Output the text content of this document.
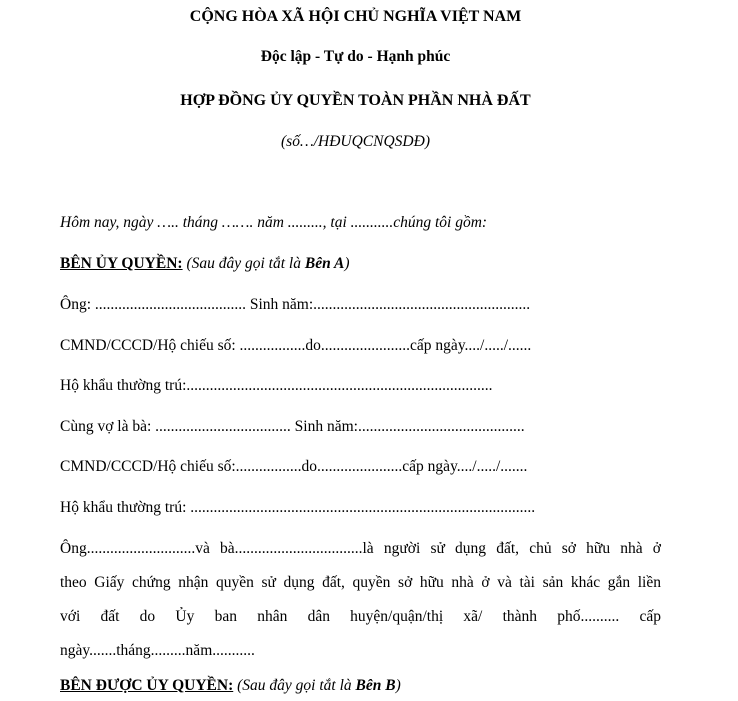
CỘNG HÒA XÃ HỘI CHỦ NGHĨA VIỆT NAM
Độc lập - Tự do - Hạnh phúc
HỢP ĐỒNG ỦY QUYỀN TOÀN PHẦN NHÀ ĐẤT
(số…/HĐUQCNQSDĐ)
Hôm nay, ngày ….. tháng ……. năm ........., tại ...........chúng tôi gồm:
BÊN ỦY QUYỀN: (Sau đây gọi tắt là Bên A)
Ông: ....................................... Sinh năm:........................................................
CMND/CCCD/Hộ chiếu số: .................do.......................cấp ngày..../...../......
Hộ khẩu thường trú:...............................................................................
Cùng vợ là bà: ................................... Sinh năm:...........................................
CMND/CCCD/Hộ chiếu số:.................do......................cấp ngày..../...../.......
Hộ khẩu thường trú: .........................................................................................
Ông............................và bà.................................là người sử dụng đất, chủ sở hữu nhà ở
theo Giấy chứng nhận quyền sử dụng đất, quyền sở hữu nhà ở và tài sản khác gắn liền
với đất do Ủy ban nhân dân huyện/quận/thị xã/ thành phố.......... cấp
ngày.......tháng.........năm...........
BÊN ĐƯỢC ỦY QUYỀN: (Sau đây gọi tắt là Bên B)
